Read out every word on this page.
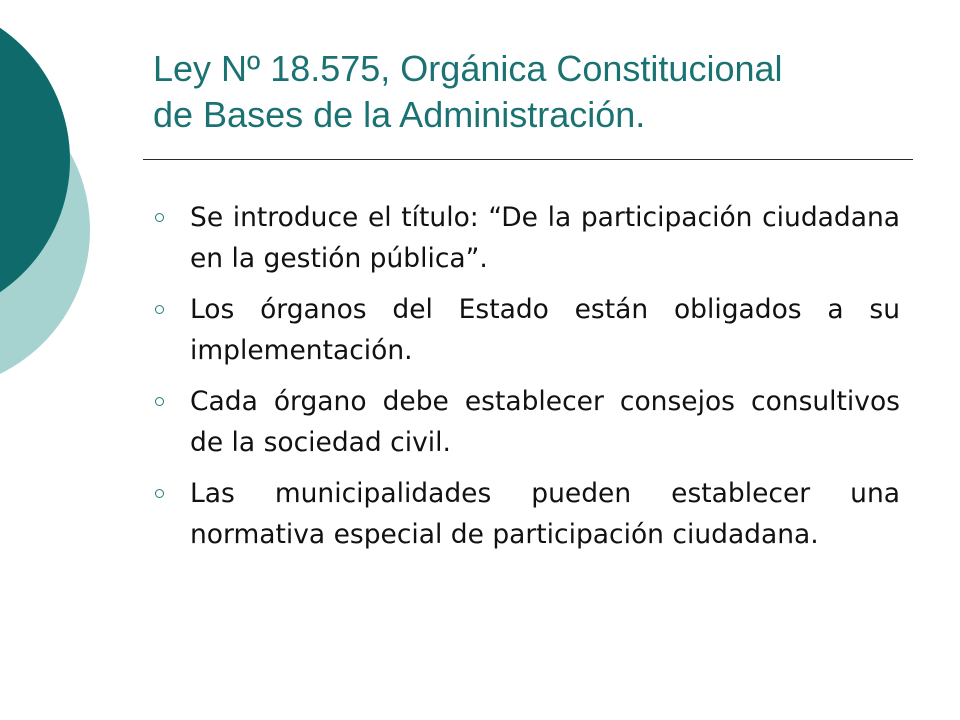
Ley Nº 18.575, Orgánica Constitucional
de Bases de la Administración.
Se introduce el título: “De la participación ciudadana en la gestión pública”.
Los órganos del Estado están obligados a su implementación.
Cada órgano debe establecer consejos consultivos de la sociedad civil.
Las municipalidades pueden establecer una normativa especial de participación ciudadana.
